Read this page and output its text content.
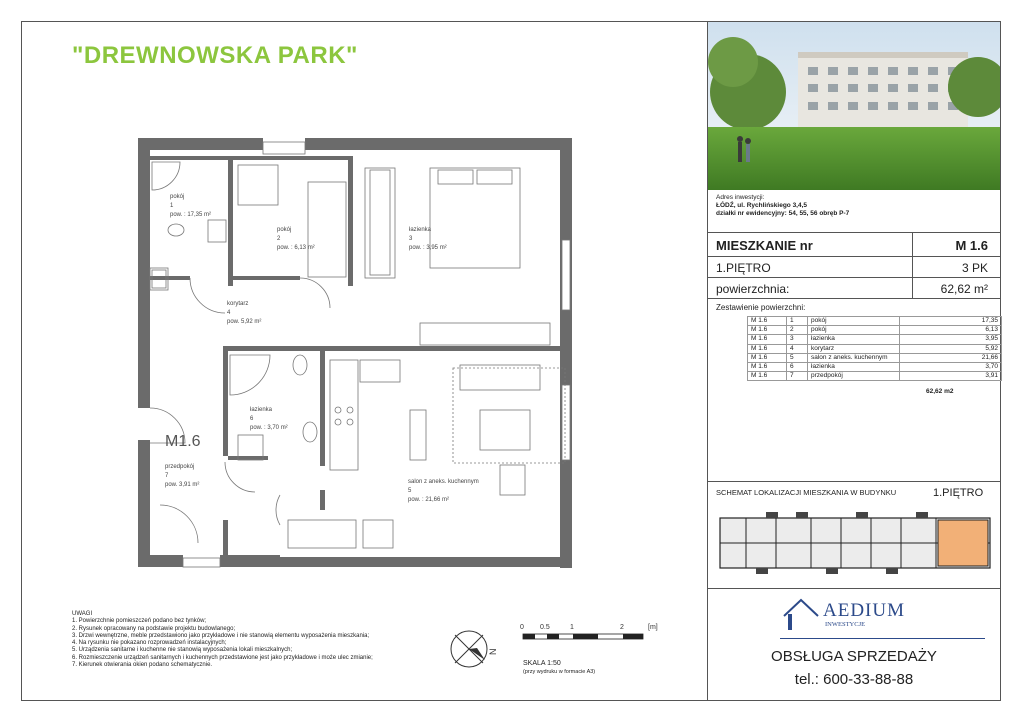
"DREWNOWSKA PARK"
pokój
1
pow. : 17,35 m²
pokój
2
pow. : 6,13 m²
łazienka
3
pow. : 3,95 m²
korytarz
4
pow. 5,92 m²
łazienka
6
pow. : 3,70 m²
przedpokój
7
pow. 3,91 m²	salon z aneks. kuchennym
5
pow. : 21,66 m²
M1.6
Adres inwestycji:
ŁÓDŹ, ul. Rychlińskiego 3,4,5
działki nr ewidencyjny: 54, 55, 56 obręb P-7
MIESZKANIE nr	M 1.6
1.PIĘTRO	3 PK
powierzchnia:	62,62 m²
Zestawienie powierzchni:
M 1.6	1	pokój	17,35
M 1.6	2	pokój	6,13
M 1.6	3	łazienka	3,95
M 1.6	4	korytarz	5,92
M 1.6	5	salon z aneks. kuchennym	21,66
M 1.6	6	łazienka	3,70
M 1.6	7	przedpokój	3,91
62,62 m2
SCHEMAT LOKALIZACJI MIESZKANIA W BUDYNKU	1.PIĘTRO
AEDIUM
INWESTYCJE
OBSŁUGA SPRZEDAŻY
tel.: 600-33-88-88
UWAGI
1. Powierzchnie pomieszczeń podano bez tynków;
2. Rysunek opracowany na podstawie projektu budowlanego;
3. Drzwi wewnętrzne, meble przedstawiono jako przykładowe i nie stanowią elementu wyposażenia mieszkania;
4. Na rysunku nie pokazano rozprowadzeń instalacyjnych;
5. Urządzenia sanitarne i kuchenne nie stanowią wyposażenia lokali mieszkalnych;
6. Rozmieszczenie urządzeń sanitarnych i kuchennych przedstawione jest jako przykładowe i może ulec zmianie;
7. Kierunek otwierania okien podano schematycznie.
N
0 0.5	1	2	[m]
SKALA 1:50
(przy wydruku w formacie A3)
